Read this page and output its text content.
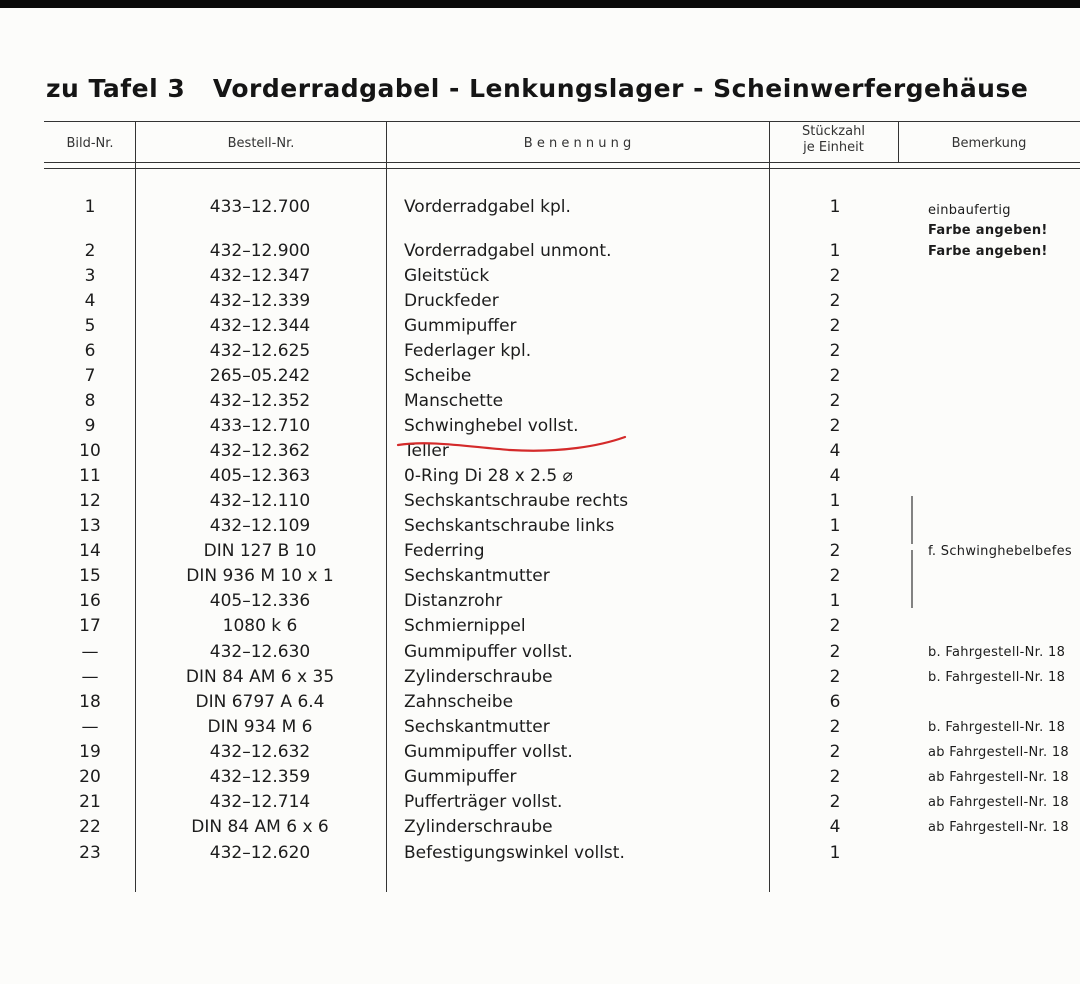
zu Tafel 3   Vorderradgabel - Lenkungslager - Scheinwerfergehäuse
Bild-Nr.	Bestell-Nr.	B e n e n n u n g
Stückzahl
je Einheit	Bemerkung
1	433–12.700	Vorderradgabel kpl.	1	einbaufertig
Farbe angeben!
2	432–12.900	Vorderradgabel unmont.	1	Farbe angeben!
3	432–12.347	Gleitstück	2
4	432–12.339	Druckfeder	2
5	432–12.344	Gummipuffer	2
6	432–12.625	Federlager kpl.	2
7	265–05.242	Scheibe	2
8	432–12.352	Manschette	2
9	433–12.710	Schwinghebel vollst.	2
10	432–12.362	Teller	4
11	405–12.363	0-Ring Di 28 x 2.5 ⌀	4
12	432–12.110	Sechskantschraube rechts	1
13	432–12.109	Sechskantschraube links	1
14	DIN 127 B 10	Federring	2	f. Schwinghebelbefes
15	DIN 936 M 10 x 1	Sechskantmutter	2
16	405–12.336	Distanzrohr	1
17	1080 k 6	Schmiernippel	2
—	432–12.630	Gummipuffer vollst.	2	b. Fahrgestell-Nr. 18
—	DIN 84 AM 6 x 35	Zylinderschraube	2	b. Fahrgestell-Nr. 18
18	DIN 6797 A 6.4	Zahnscheibe	6
—	DIN 934 M 6	Sechskantmutter	2	b. Fahrgestell-Nr. 18
19	432–12.632	Gummipuffer vollst.	2	ab Fahrgestell-Nr. 18
20	432–12.359	Gummipuffer	2	ab Fahrgestell-Nr. 18
21	432–12.714	Pufferträger vollst.	2	ab Fahrgestell-Nr. 18
22	DIN 84 AM 6 x 6	Zylinderschraube	4	ab Fahrgestell-Nr. 18
23	432–12.620	Befestigungswinkel vollst.	1
